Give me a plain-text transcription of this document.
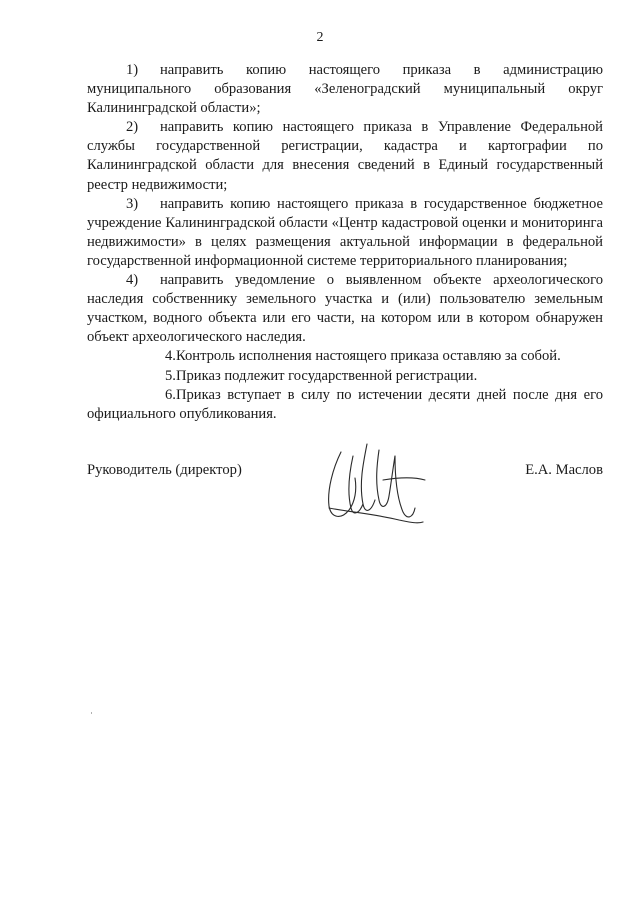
2

1) направить копию настоящего приказа в администрацию муниципального образования «Зеленоградский муниципальный округ Калининградской области»;

2) направить копию настоящего приказа в Управление Федеральной службы государственной регистрации, кадастра и картографии по Калининградской области для внесения сведений в Единый государственный реестр недвижимости;

3) направить копию настоящего приказа в государственное бюджетное учреждение Калининградской области «Центр кадастровой оценки и мониторинга недвижимости» в целях размещения актуальной информации в федеральной государственной информационной системе территориального планирования;

4) направить уведомление о выявленном объекте археологического наследия собственнику земельного участка и (или) пользователю земельным участком, водного объекта или его части, на котором или в котором обнаружен объект археологического наследия.

4.Контроль исполнения настоящего приказа оставляю за собой.

5.Приказ подлежит государственной регистрации.

6.Приказ вступает в силу по истечении десяти дней после дня его официального опубликования.

Руководитель (директор)	Е.А. Маслов
